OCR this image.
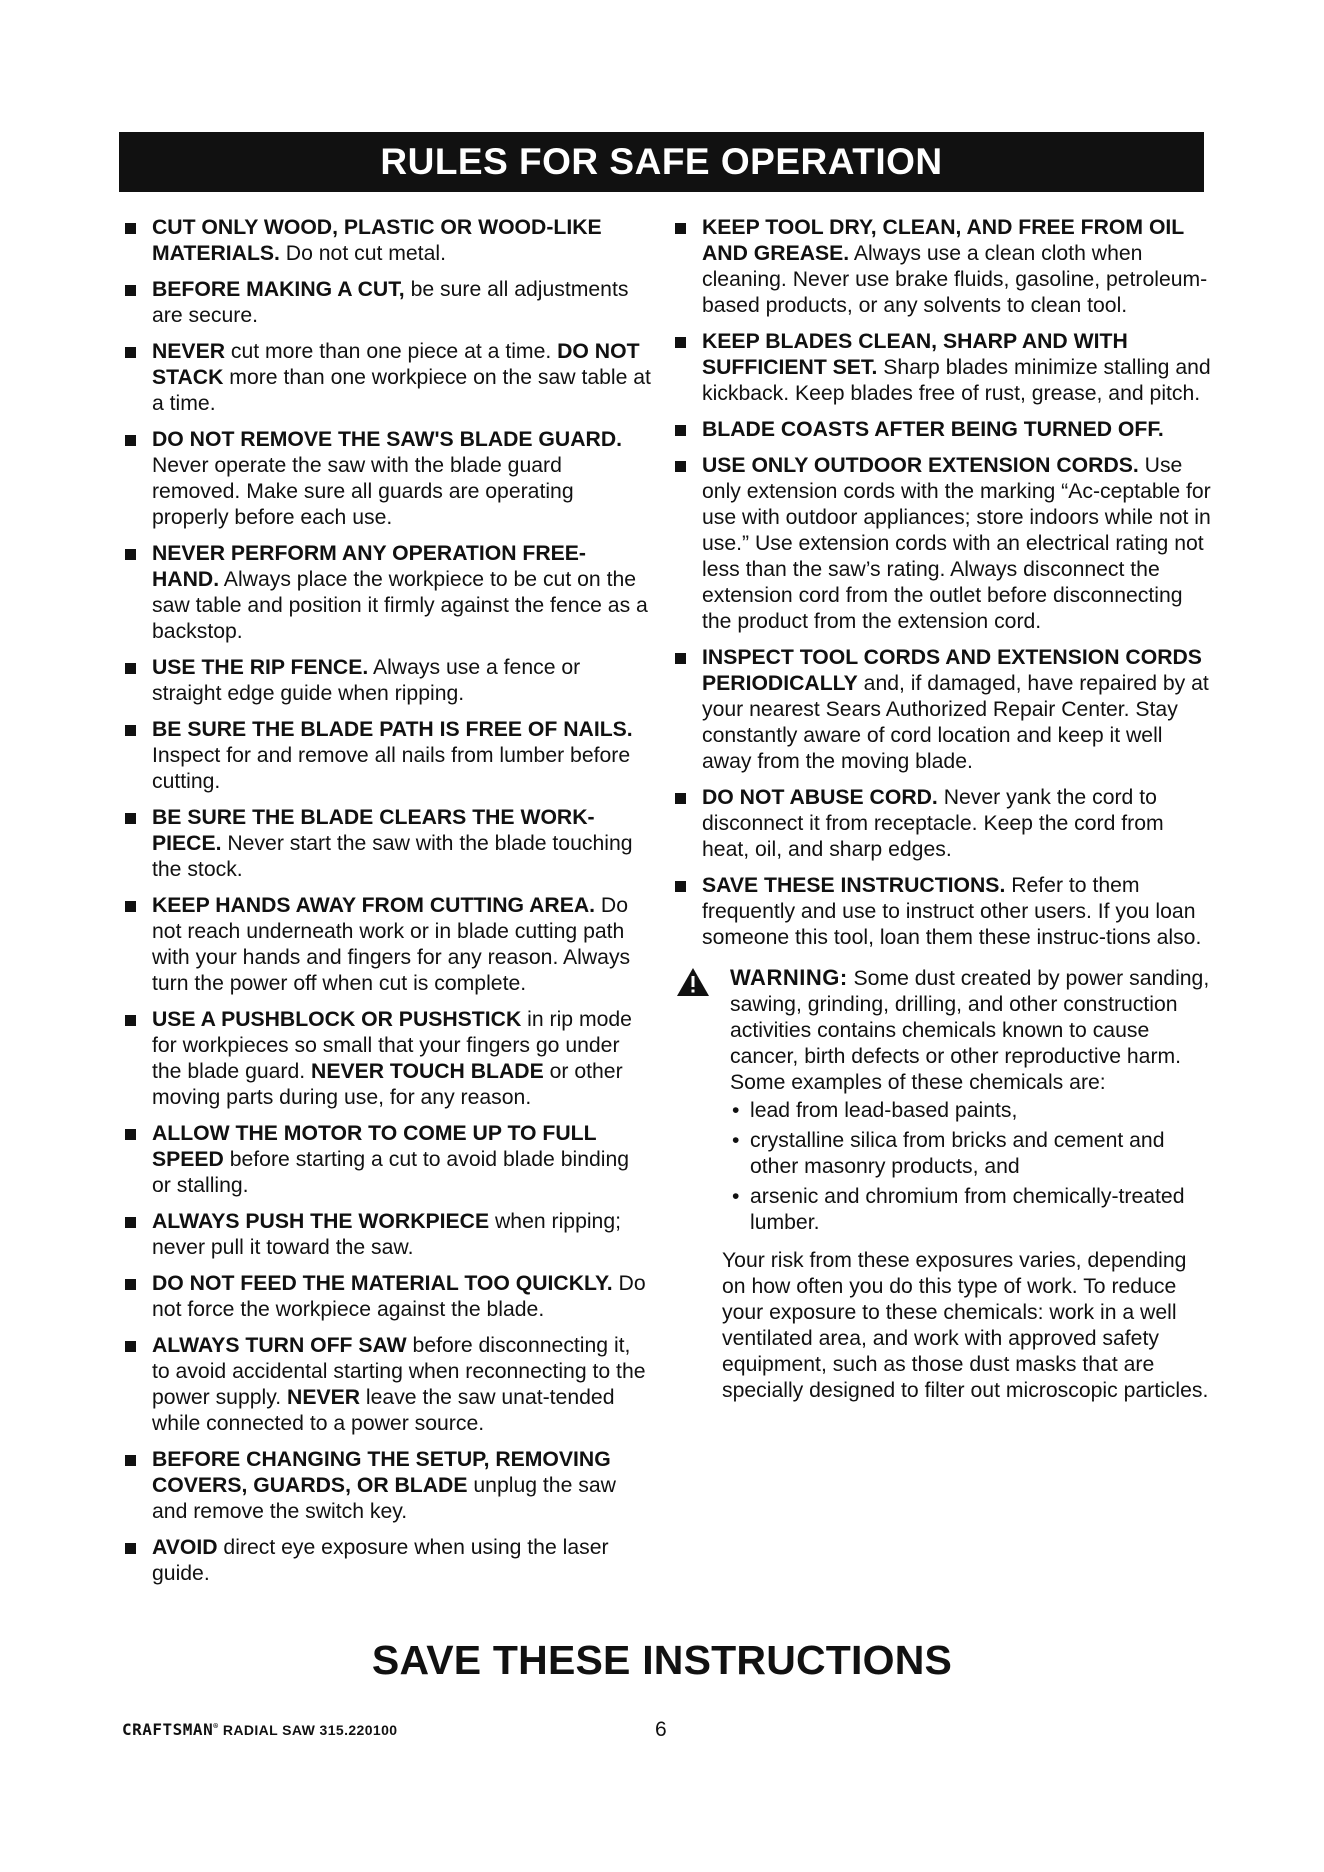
RULES FOR SAFE OPERATION
CUT ONLY WOOD, PLASTIC OR WOOD-LIKE MATERIALS. Do not cut metal.
BEFORE MAKING A CUT, be sure all adjustments are secure.
NEVER cut more than one piece at a time. DO NOT STACK more than one workpiece on the saw table at a time.
DO NOT REMOVE THE SAW'S BLADE GUARD. Never operate the saw with the blade guard removed. Make sure all guards are operating properly before each use.
NEVER PERFORM ANY OPERATION FREE-HAND. Always place the workpiece to be cut on the saw table and position it firmly against the fence as a backstop.
USE THE RIP FENCE. Always use a fence or straight edge guide when ripping.
BE SURE THE BLADE PATH IS FREE OF NAILS. Inspect for and remove all nails from lumber before cutting.
BE SURE THE BLADE CLEARS THE WORK-PIECE. Never start the saw with the blade touching the stock.
KEEP HANDS AWAY FROM CUTTING AREA. Do not reach underneath work or in blade cutting path with your hands and fingers for any reason. Always turn the power off when cut is complete.
USE A PUSHBLOCK OR PUSHSTICK in rip mode for workpieces so small that your fingers go under the blade guard. NEVER TOUCH BLADE or other moving parts during use, for any reason.
ALLOW THE MOTOR TO COME UP TO FULL SPEED before starting a cut to avoid blade binding or stalling.
ALWAYS PUSH THE WORKPIECE when ripping; never pull it toward the saw.
DO NOT FEED THE MATERIAL TOO QUICKLY. Do not force the workpiece against the blade.
ALWAYS TURN OFF SAW before disconnecting it, to avoid accidental starting when reconnecting to the power supply. NEVER leave the saw unat-tended while connected to a power source.
BEFORE CHANGING THE SETUP, REMOVING COVERS, GUARDS, OR BLADE unplug the saw and remove the switch key.
AVOID direct eye exposure when using the laser guide.
KEEP TOOL DRY, CLEAN, AND FREE FROM OIL AND GREASE. Always use a clean cloth when cleaning. Never use brake fluids, gasoline, petroleum-based products, or any solvents to clean tool.
KEEP BLADES CLEAN, SHARP AND WITH SUFFICIENT SET. Sharp blades minimize stalling and kickback. Keep blades free of rust, grease, and pitch.
BLADE COASTS AFTER BEING TURNED OFF.
USE ONLY OUTDOOR EXTENSION CORDS. Use only extension cords with the marking “Ac-ceptable for use with outdoor appliances; store indoors while not in use.” Use extension cords with an electrical rating not less than the saw’s rating. Always disconnect the extension cord from the outlet before disconnecting the product from the extension cord.
INSPECT TOOL CORDS AND EXTENSION CORDS PERIODICALLY and, if damaged, have repaired by at your nearest Sears Authorized Repair Center. Stay constantly aware of cord location and keep it well away from the moving blade.
DO NOT ABUSE CORD. Never yank the cord to disconnect it from receptacle. Keep the cord from heat, oil, and sharp edges.
SAVE THESE INSTRUCTIONS. Refer to them frequently and use to instruct other users. If you loan someone this tool, loan them these instruc-tions also.
WARNING: Some dust created by power sanding, sawing, grinding, drilling, and other construction activities contains chemicals known to cause cancer, birth defects or other reproductive harm. Some examples of these chemicals are:
• lead from lead-based paints,
• crystalline silica from bricks and cement and other masonry products, and
• arsenic and chromium from chemically-treated lumber.
Your risk from these exposures varies, depending on how often you do this type of work. To reduce your exposure to these chemicals: work in a well ventilated area, and work with approved safety equipment, such as those dust masks that are specially designed to filter out microscopic particles.
SAVE THESE INSTRUCTIONS
CRAFTSMAN® RADIAL SAW 315.220100	6
